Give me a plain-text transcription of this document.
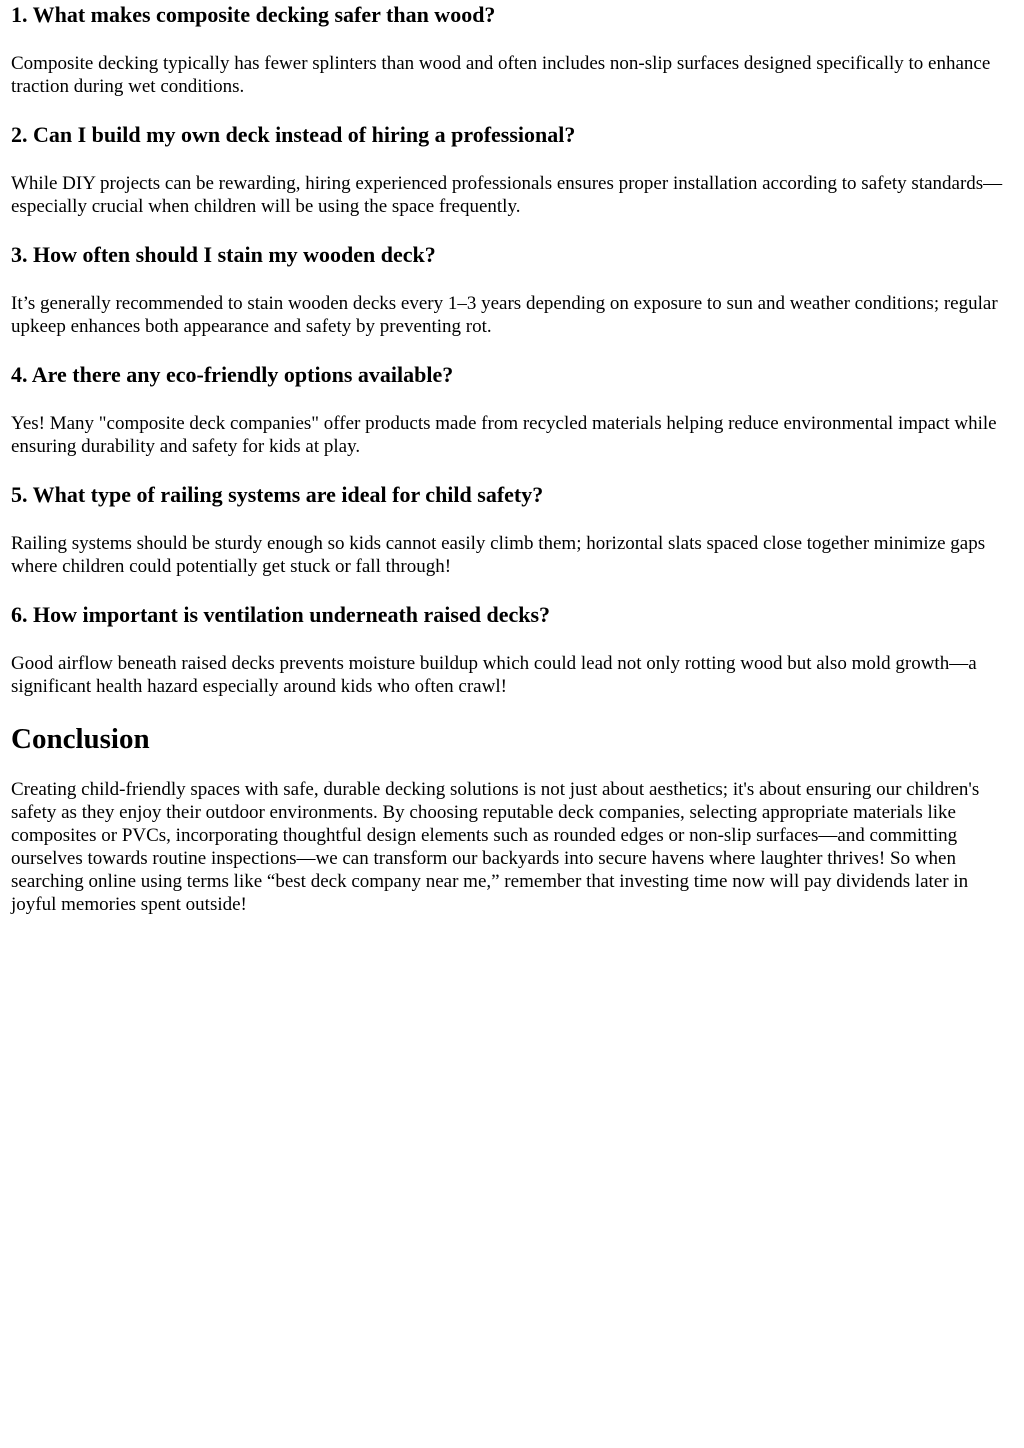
1. What makes composite decking safer than wood?

Composite decking typically has fewer splinters than wood and often includes non-slip surfaces designed specifically to enhance traction during wet conditions.

2. Can I build my own deck instead of hiring a professional?

While DIY projects can be rewarding, hiring experienced professionals ensures proper installation according to safety standards—especially crucial when children will be using the space frequently.

3. How often should I stain my wooden deck?

It’s generally recommended to stain wooden decks every 1–3 years depending on exposure to sun and weather conditions; regular upkeep enhances both appearance and safety by preventing rot.

4. Are there any eco-friendly options available?

Yes! Many "composite deck companies" offer products made from recycled materials helping reduce environmental impact while ensuring durability and safety for kids at play.

5. What type of railing systems are ideal for child safety?

Railing systems should be sturdy enough so kids cannot easily climb them; horizontal slats spaced close together minimize gaps where children could potentially get stuck or fall through!

6. How important is ventilation underneath raised decks?

Good airflow beneath raised decks prevents moisture buildup which could lead not only rotting wood but also mold growth—a significant health hazard especially around kids who often crawl!

Conclusion

Creating child-friendly spaces with safe, durable decking solutions is not just about aesthetics; it's about ensuring our children's safety as they enjoy their outdoor environments. By choosing reputable deck companies, selecting appropriate materials like composites or PVCs, incorporating thoughtful design elements such as rounded edges or non-slip surfaces—and committing ourselves towards routine inspections—we can transform our backyards into secure havens where laughter thrives! So when searching online using terms like “best deck company near me,” remember that investing time now will pay dividends later in joyful memories spent outside!
